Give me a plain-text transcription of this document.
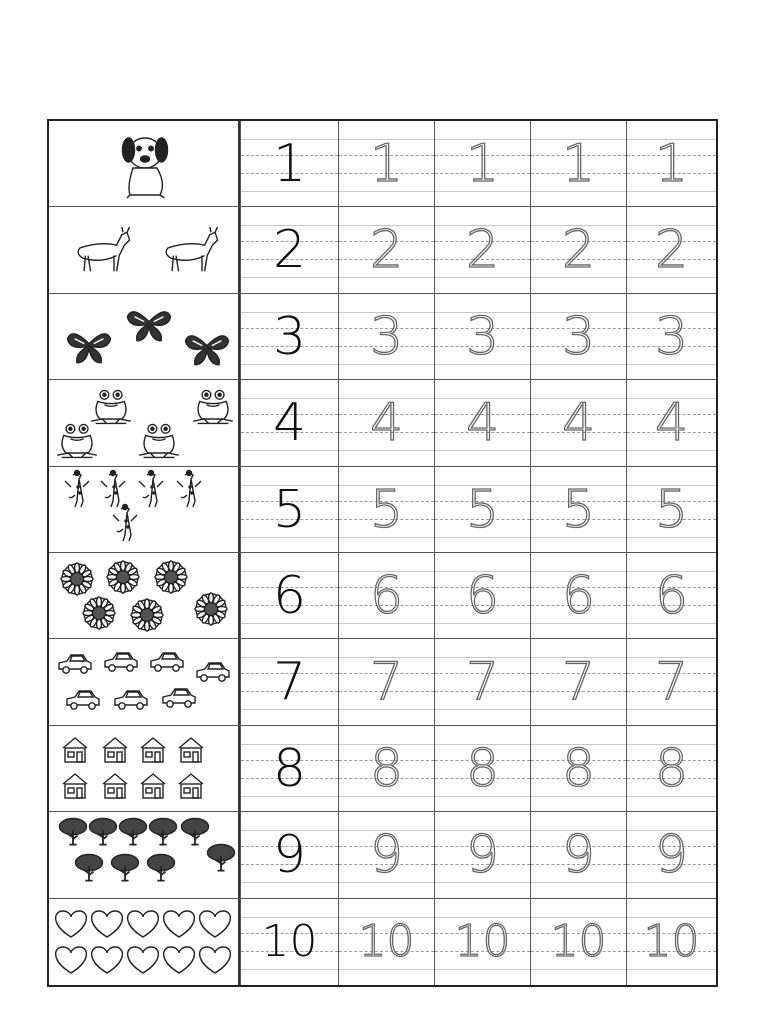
1	1	1	1	1
2	2	2	2	2
3	3	3	3	3
4	4	4	4	4
5	5	5	5	5
6	6	6	6	6
7	7	7	7	7
8	8	8	8	8
9	9	9	9	9
10 10 10 10 10
